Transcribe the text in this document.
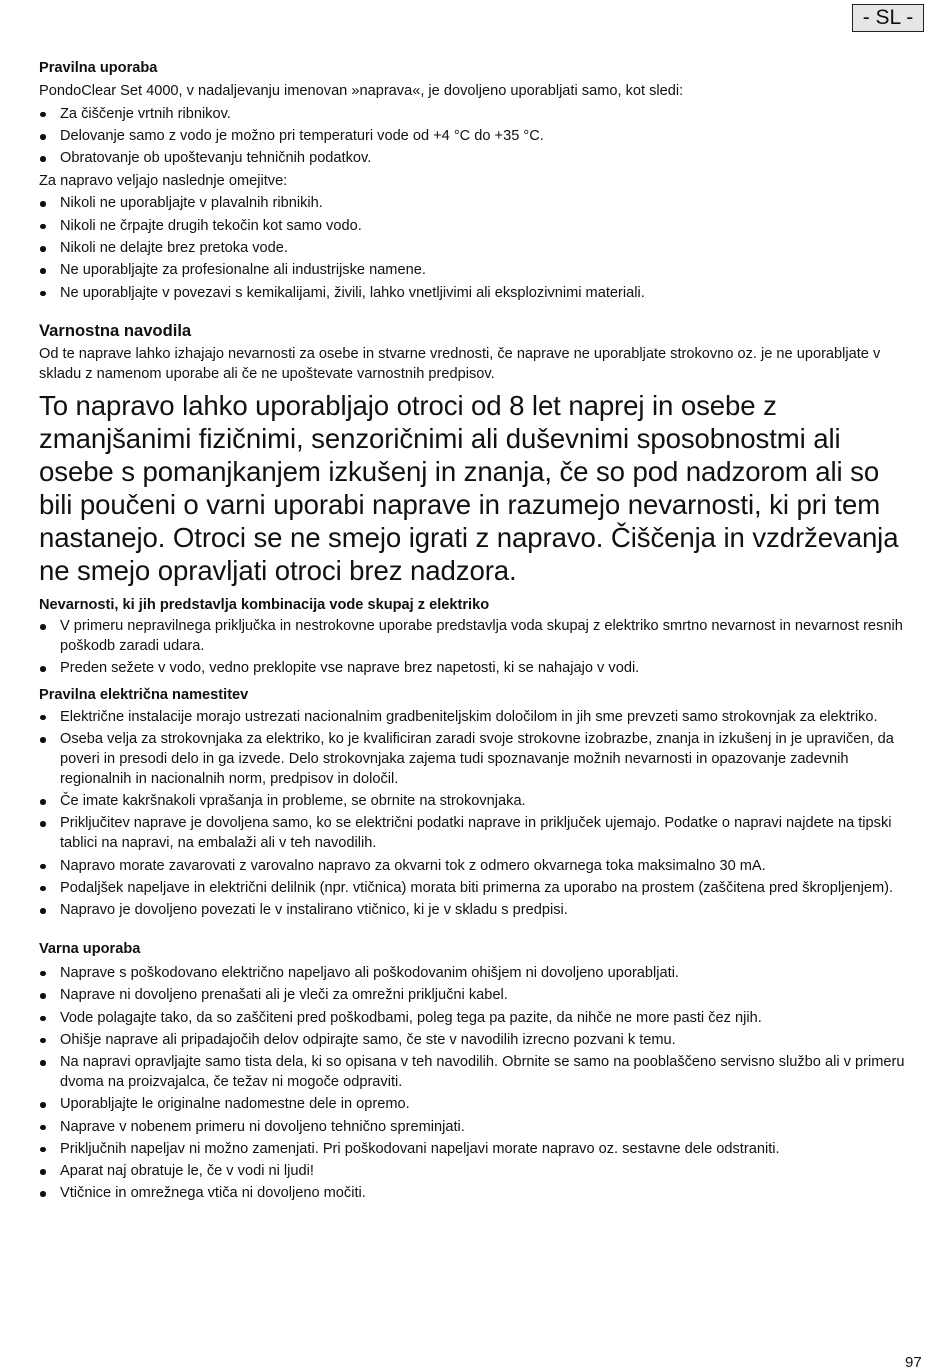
- SL -
Pravilna uporaba

PondoClear Set 4000, v nadaljevanju imenovan »naprava«, je dovoljeno uporabljati samo, kot sledi:

Za čiščenje vrtnih ribnikov.
Delovanje samo z vodo je možno pri temperaturi vode od +4 °C do +35 °C.
Obratovanje ob upoštevanju tehničnih podatkov.

Za napravo veljajo naslednje omejitve:

Nikoli ne uporabljajte v plavalnih ribnikih.
Nikoli ne črpajte drugih tekočin kot samo vodo.
Nikoli ne delajte brez pretoka vode.
Ne uporabljajte za profesionalne ali industrijske namene.
Ne uporabljajte v povezavi s kemikalijami, živili, lahko vnetljivimi ali eksplozivnimi materiali.
Varnostna navodila

Od te naprave lahko izhajajo nevarnosti za osebe in stvarne vrednosti, če naprave ne uporabljate strokovno oz. je ne uporabljate v skladu z namenom uporabe ali če ne upoštevate varnostnih predpisov.

To napravo lahko uporabljajo otroci od 8 let naprej in osebe z zmanjšanimi fizičnimi, senzoričnimi ali duševnimi sposobnostmi ali osebe s pomanjkanjem izkušenj in znanja, če so pod nadzorom ali so bili poučeni o varni uporabi naprave in razumejo nevarnosti, ki pri tem nastanejo. Otroci se ne smejo igrati z napravo. Čiščenja in vzdrževanja ne smejo opravljati otroci brez nadzora.

Nevarnosti, ki jih predstavlja kombinacija vode skupaj z elektriko
V primeru nepravilnega priključka in nestrokovne uporabe predstavlja voda skupaj z elektriko smrtno nevarnost in nevarnost resnih poškodb zaradi udara.
Preden sežete v vodo, vedno preklopite vse naprave brez napetosti, ki se nahajajo v vodi.
Pravilna električna namestitev
Električne instalacije morajo ustrezati nacionalnim gradbeniteljskim določilom in jih sme prevzeti samo strokovnjak za elektriko.
Oseba velja za strokovnjaka za elektriko, ko je kvalificiran zaradi svoje strokovne izobrazbe, znanja in izkušenj in je upravičen, da poveri in presodi delo in ga izvede. Delo strokovnjaka zajema tudi spoznavanje možnih nevarnosti in opazovanje zadevnih regionalnih in nacionalnih norm, predpisov in določil.
Če imate kakršnakoli vprašanja in probleme, se obrnite na strokovnjaka.
Priključitev naprave je dovoljena samo, ko se električni podatki naprave in priključek ujemajo. Podatke o napravi najdete na tipski tablici na napravi, na embalaži ali v teh navodilih.
Napravo morate zavarovati z varovalno napravo za okvarni tok z odmero okvarnega toka maksimalno 30 mA.
Podaljšek napeljave in električni delilnik (npr. vtičnica) morata biti primerna za uporabo na prostem (zaščitena pred škropljenjem).
Napravo je dovoljeno povezati le v instalirano vtičnico, ki je v skladu s predpisi.
Varna uporaba
Naprave s poškodovano električno napeljavo ali poškodovanim ohišjem ni dovoljeno uporabljati.
Naprave ni dovoljeno prenašati ali je vleči za omrežni priključni kabel.
Vode polagajte tako, da so zaščiteni pred poškodbami, poleg tega pa pazite, da nihče ne more pasti čez njih.
Ohišje naprave ali pripadajočih delov odpirajte samo, če ste v navodilih izrecno pozvani k temu.
Na napravi opravljajte samo tista dela, ki so opisana v teh navodilih. Obrnite se samo na pooblaščeno servisno službo ali v primeru dvoma na proizvajalca, če težav ni mogoče odpraviti.
Uporabljajte le originalne nadomestne dele in opremo.
Naprave v nobenem primeru ni dovoljeno tehnično spreminjati.
Priključnih napeljav ni možno zamenjati. Pri poškodovani napeljavi morate napravo oz. sestavne dele odstraniti.
Aparat naj obratuje le, če v vodi ni ljudi!
Vtičnice in omrežnega vtiča ni dovoljeno močiti.
97
